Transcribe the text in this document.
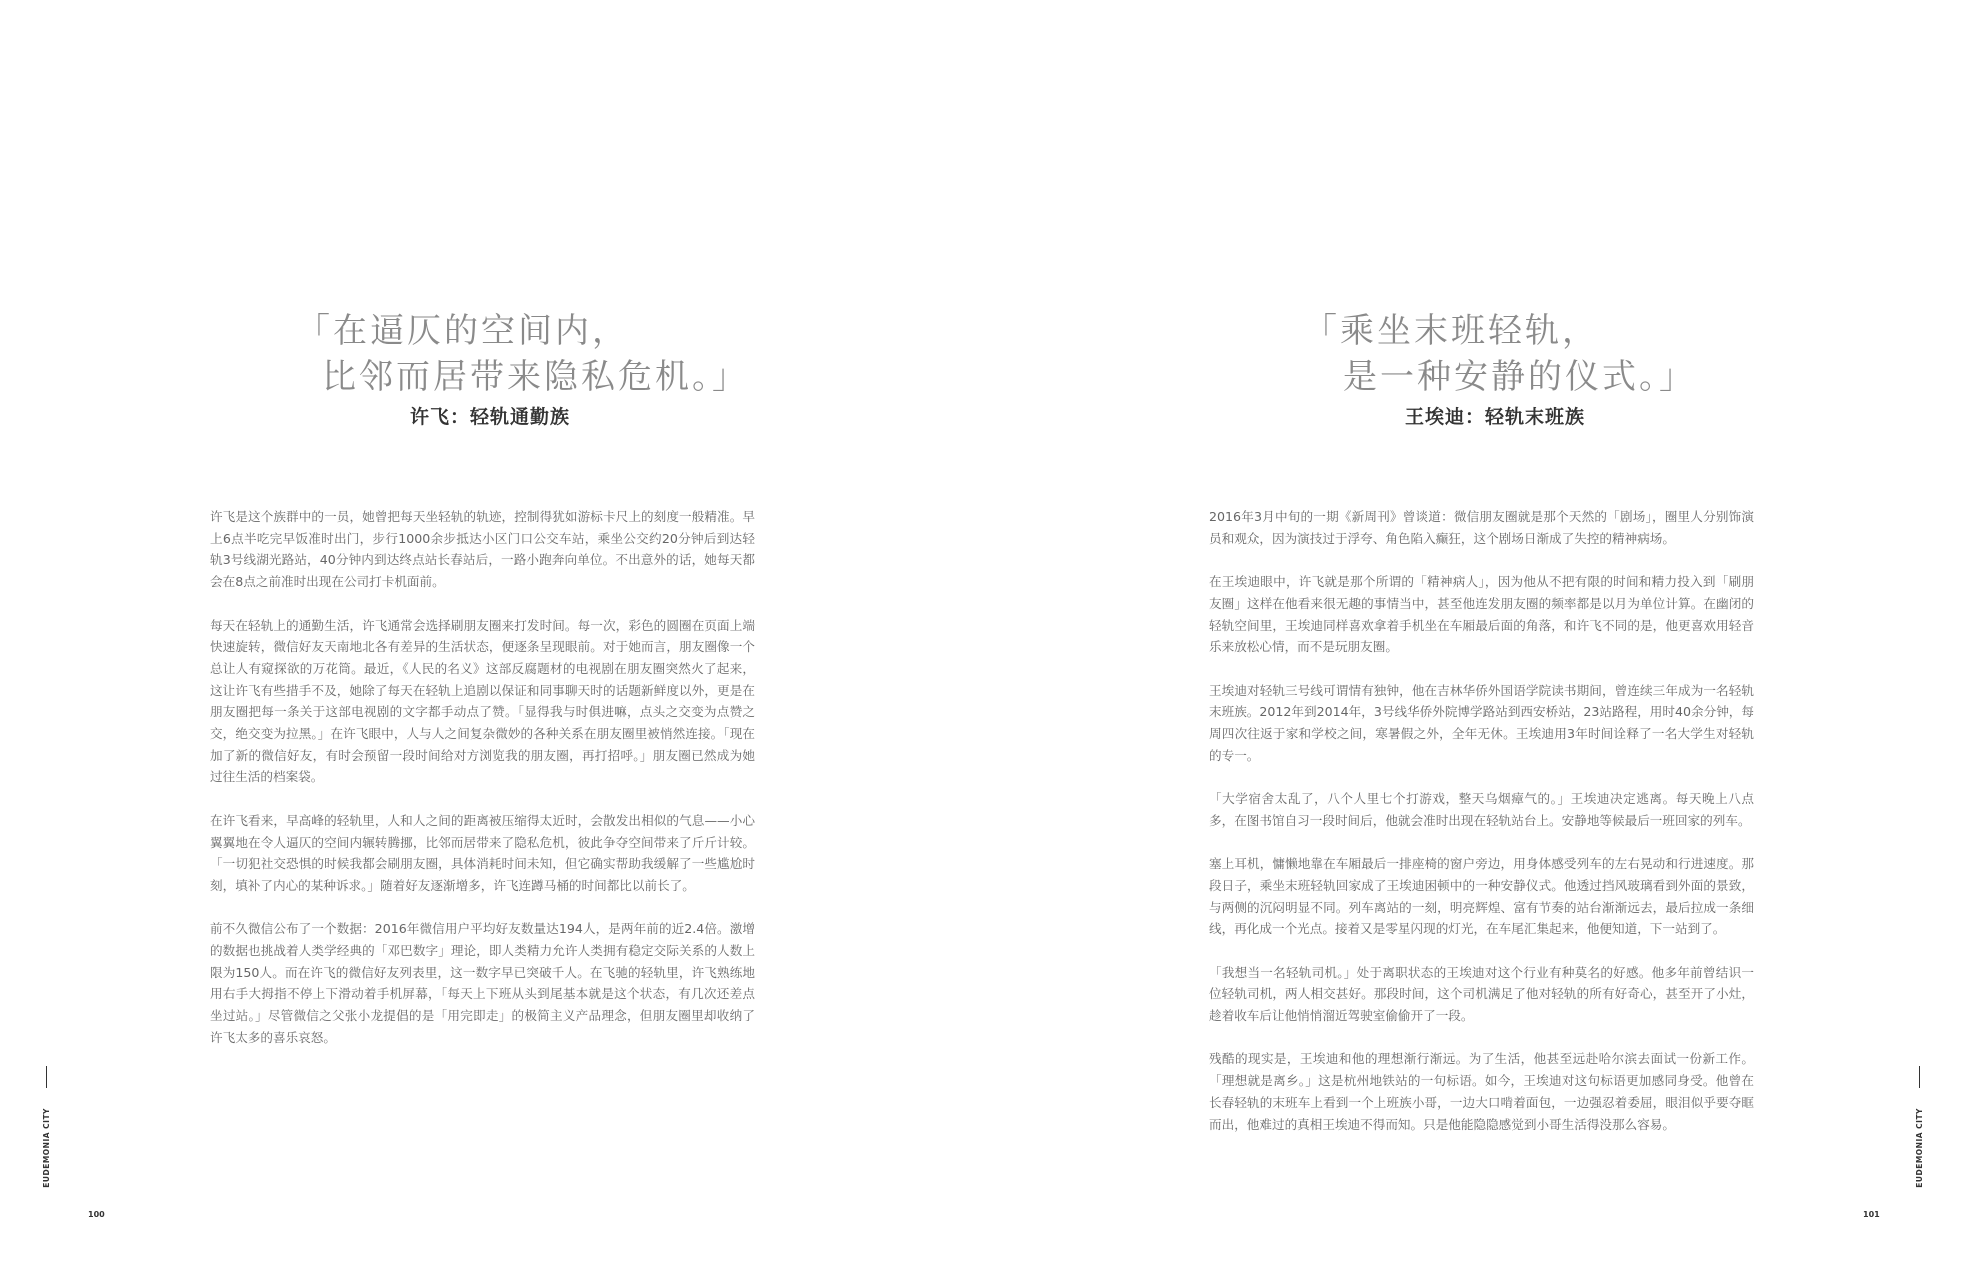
「在逼仄的空间内，
比邻而居带来隐私危机。」
许飞：轻轨通勤族

许飞是这个族群中的一员，她曾把每天坐轻轨的轨迹，控制得犹如游标卡尺上的刻度一般精准。早上6点半吃完早饭准时出门，步行1000余步抵达小区门口公交车站，乘坐公交约20分钟后到达轻轨3号线湖光路站，40分钟内到达终点站长春站后，一路小跑奔向单位。不出意外的话，她每天都会在8点之前准时出现在公司打卡机面前。

每天在轻轨上的通勤生活，许飞通常会选择刷朋友圈来打发时间。每一次，彩色的圆圈在页面上端快速旋转，微信好友天南地北各有差异的生活状态，便逐条呈现眼前。对于她而言，朋友圈像一个总让人有窥探欲的万花筒。最近，《人民的名义》这部反腐题材的电视剧在朋友圈突然火了起来，这让许飞有些措手不及，她除了每天在轻轨上追剧以保证和同事聊天时的话题新鲜度以外，更是在朋友圈把每一条关于这部电视剧的文字都手动点了赞。「显得我与时俱进嘛，点头之交变为点赞之交，绝交变为拉黑。」在许飞眼中，人与人之间复杂微妙的各种关系在朋友圈里被悄然连接。「现在加了新的微信好友，有时会预留一段时间给对方浏览我的朋友圈，再打招呼。」朋友圈已然成为她过往生活的档案袋。

在许飞看来，早高峰的轻轨里，人和人之间的距离被压缩得太近时，会散发出相似的气息——小心翼翼地在令人逼仄的空间内辗转腾挪，比邻而居带来了隐私危机，彼此争夺空间带来了斤斤计较。「一切犯社交恐惧的时候我都会刷朋友圈，具体消耗时间未知，但它确实帮助我缓解了一些尴尬时刻，填补了内心的某种诉求。」随着好友逐渐增多，许飞连蹲马桶的时间都比以前长了。

前不久微信公布了一个数据：2016年微信用户平均好友数量达194人，是两年前的近2.4倍。激增的数据也挑战着人类学经典的「邓巴数字」理论，即人类精力允许人类拥有稳定交际关系的人数上限为150人。而在许飞的微信好友列表里，这一数字早已突破千人。在飞驰的轻轨里，许飞熟练地用右手大拇指不停上下滑动着手机屏幕，「每天上下班从头到尾基本就是这个状态，有几次还差点坐过站。」尽管微信之父张小龙提倡的是「用完即走」的极简主义产品理念，但朋友圈里却收纳了许飞太多的喜乐哀怒。

EUDEMONIA CITY
100
「乘坐末班轻轨，
是一种安静的仪式。」
王埃迪：轻轨末班族

2016年3月中旬的一期《新周刊》曾谈道：微信朋友圈就是那个天然的「剧场」，圈里人分别饰演员和观众，因为演技过于浮夸、角色陷入癫狂，这个剧场日渐成了失控的精神病场。

在王埃迪眼中，许飞就是那个所谓的「精神病人」，因为他从不把有限的时间和精力投入到「刷朋友圈」这样在他看来很无趣的事情当中，甚至他连发朋友圈的频率都是以月为单位计算。在幽闭的轻轨空间里，王埃迪同样喜欢拿着手机坐在车厢最后面的角落，和许飞不同的是，他更喜欢用轻音乐来放松心情，而不是玩朋友圈。

王埃迪对轻轨三号线可谓情有独钟，他在吉林华侨外国语学院读书期间，曾连续三年成为一名轻轨末班族。2012年到2014年，3号线华侨外院博学路站到西安桥站，23站路程，用时40余分钟，每周四次往返于家和学校之间，寒暑假之外，全年无休。王埃迪用3年时间诠释了一名大学生对轻轨的专一。

「大学宿舍太乱了，八个人里七个打游戏，整天乌烟瘴气的。」王埃迪决定逃离。每天晚上八点多，在图书馆自习一段时间后，他就会准时出现在轻轨站台上。安静地等候最后一班回家的列车。

塞上耳机，慵懒地靠在车厢最后一排座椅的窗户旁边，用身体感受列车的左右晃动和行进速度。那段日子，乘坐末班轻轨回家成了王埃迪困顿中的一种安静仪式。他透过挡风玻璃看到外面的景致，与两侧的沉闷明显不同。列车离站的一刻，明亮辉煌、富有节奏的站台渐渐远去，最后拉成一条细线，再化成一个光点。接着又是零星闪现的灯光，在车尾汇集起来，他便知道，下一站到了。

「我想当一名轻轨司机。」处于离职状态的王埃迪对这个行业有种莫名的好感。他多年前曾结识一位轻轨司机，两人相交甚好。那段时间，这个司机满足了他对轻轨的所有好奇心，甚至开了小灶，趁着收车后让他悄悄溜近驾驶室偷偷开了一段。

残酷的现实是，王埃迪和他的理想渐行渐远。为了生活，他甚至远赴哈尔滨去面试一份新工作。「理想就是离乡。」这是杭州地铁站的一句标语。如今，王埃迪对这句标语更加感同身受。他曾在长春轻轨的末班车上看到一个上班族小哥，一边大口啃着面包，一边强忍着委屈，眼泪似乎要夺眶而出，他难过的真相王埃迪不得而知。只是他能隐隐感觉到小哥生活得没那么容易。	EUDEMONIA CITY
101
